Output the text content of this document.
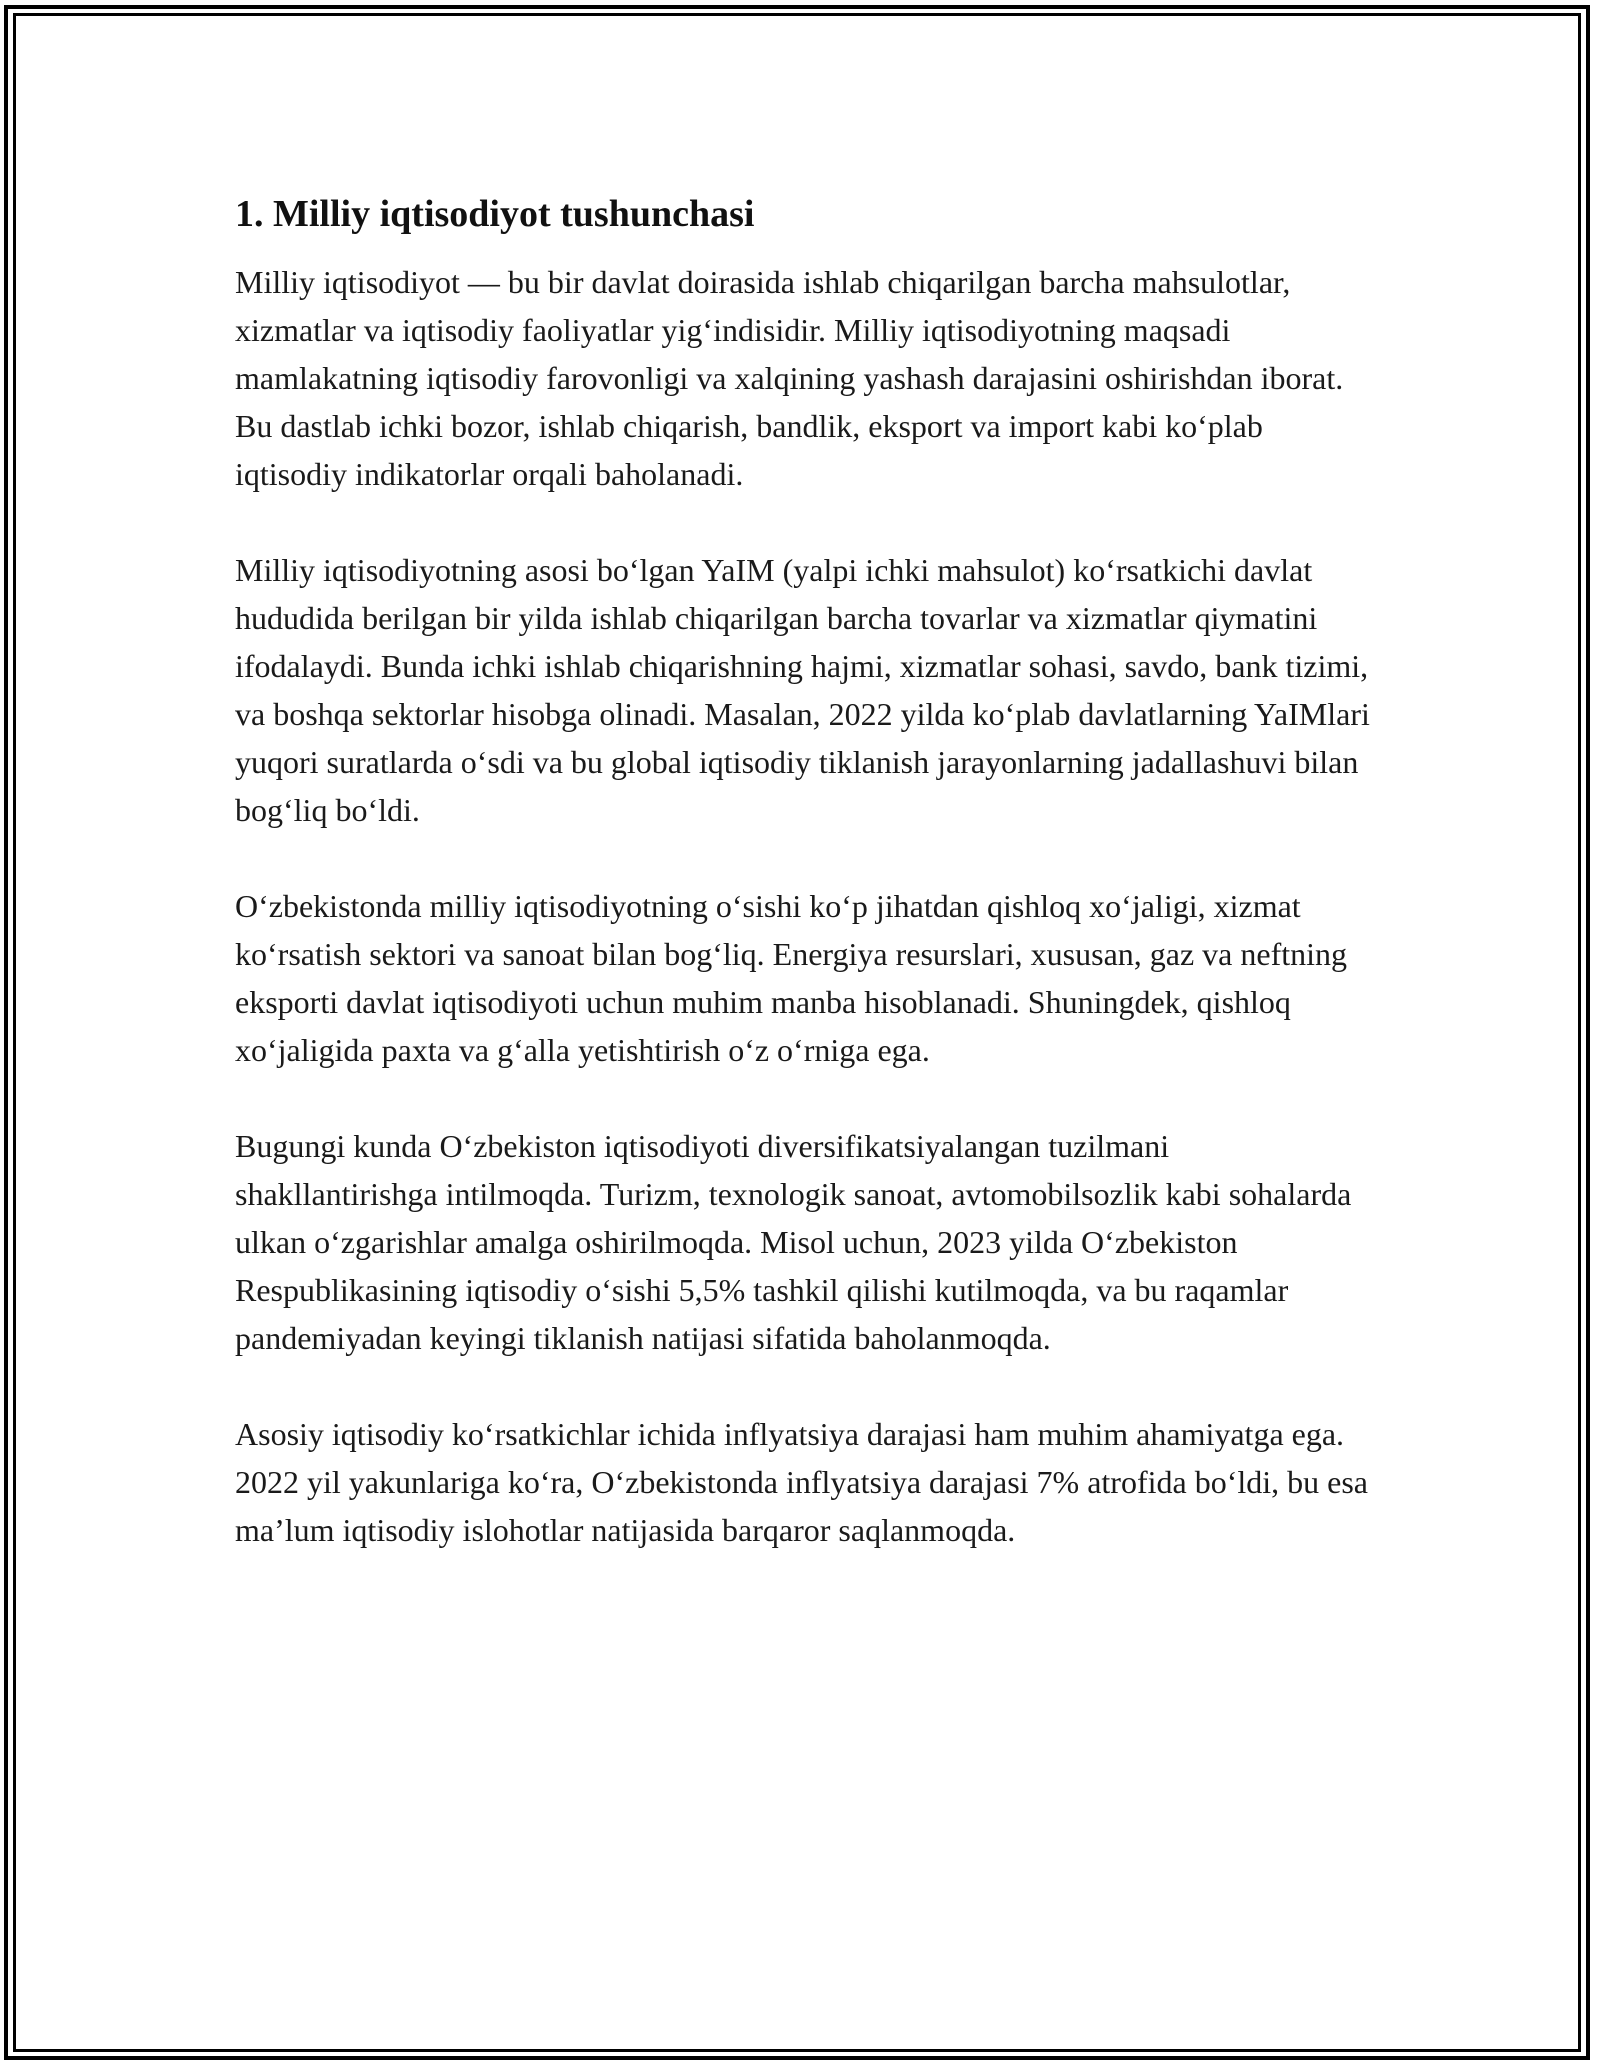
1. Milliy iqtisodiyot tushunchasi

Milliy iqtisodiyot — bu bir davlat doirasida ishlab chiqarilgan barcha mahsulotlar, xizmatlar va iqtisodiy faoliyatlar yig‘indisidir. Milliy iqtisodiyotning maqsadi mamlakatning iqtisodiy farovonligi va xalqining yashash darajasini oshirishdan iborat. Bu dastlab ichki bozor, ishlab chiqarish, bandlik, eksport va import kabi ko‘plab iqtisodiy indikatorlar orqali baholanadi.

Milliy iqtisodiyotning asosi bo‘lgan YaIM (yalpi ichki mahsulot) ko‘rsatkichi davlat hududida berilgan bir yilda ishlab chiqarilgan barcha tovarlar va xizmatlar qiymatini ifodalaydi. Bunda ichki ishlab chiqarishning hajmi, xizmatlar sohasi, savdo, bank tizimi, va boshqa sektorlar hisobga olinadi. Masalan, 2022 yilda ko‘plab davlatlarning YaIMlari yuqori suratlarda o‘sdi va bu global iqtisodiy tiklanish jarayonlarning jadallashuvi bilan bog‘liq bo‘ldi.

O‘zbekistonda milliy iqtisodiyotning o‘sishi ko‘p jihatdan qishloq xo‘jaligi, xizmat ko‘rsatish sektori va sanoat bilan bog‘liq. Energiya resurslari, xususan, gaz va neftning eksporti davlat iqtisodiyoti uchun muhim manba hisoblanadi. Shuningdek, qishloq xo‘jaligida paxta va g‘alla yetishtirish o‘z o‘rniga ega.

Bugungi kunda O‘zbekiston iqtisodiyoti diversifikatsiyalangan tuzilmani shakllantirishga intilmoqda. Turizm, texnologik sanoat, avtomobilsozlik kabi sohalarda ulkan o‘zgarishlar amalga oshirilmoqda. Misol uchun, 2023 yilda O‘zbekiston Respublikasining iqtisodiy o‘sishi 5,5% tashkil qilishi kutilmoqda, va bu raqamlar pandemiyadan keyingi tiklanish natijasi sifatida baholanmoqda.

Asosiy iqtisodiy ko‘rsatkichlar ichida inflyatsiya darajasi ham muhim ahamiyatga ega. 2022 yil yakunlariga ko‘ra, O‘zbekistonda inflyatsiya darajasi 7% atrofida bo‘ldi, bu esa ma’lum iqtisodiy islohotlar natijasida barqaror saqlanmoqda.
